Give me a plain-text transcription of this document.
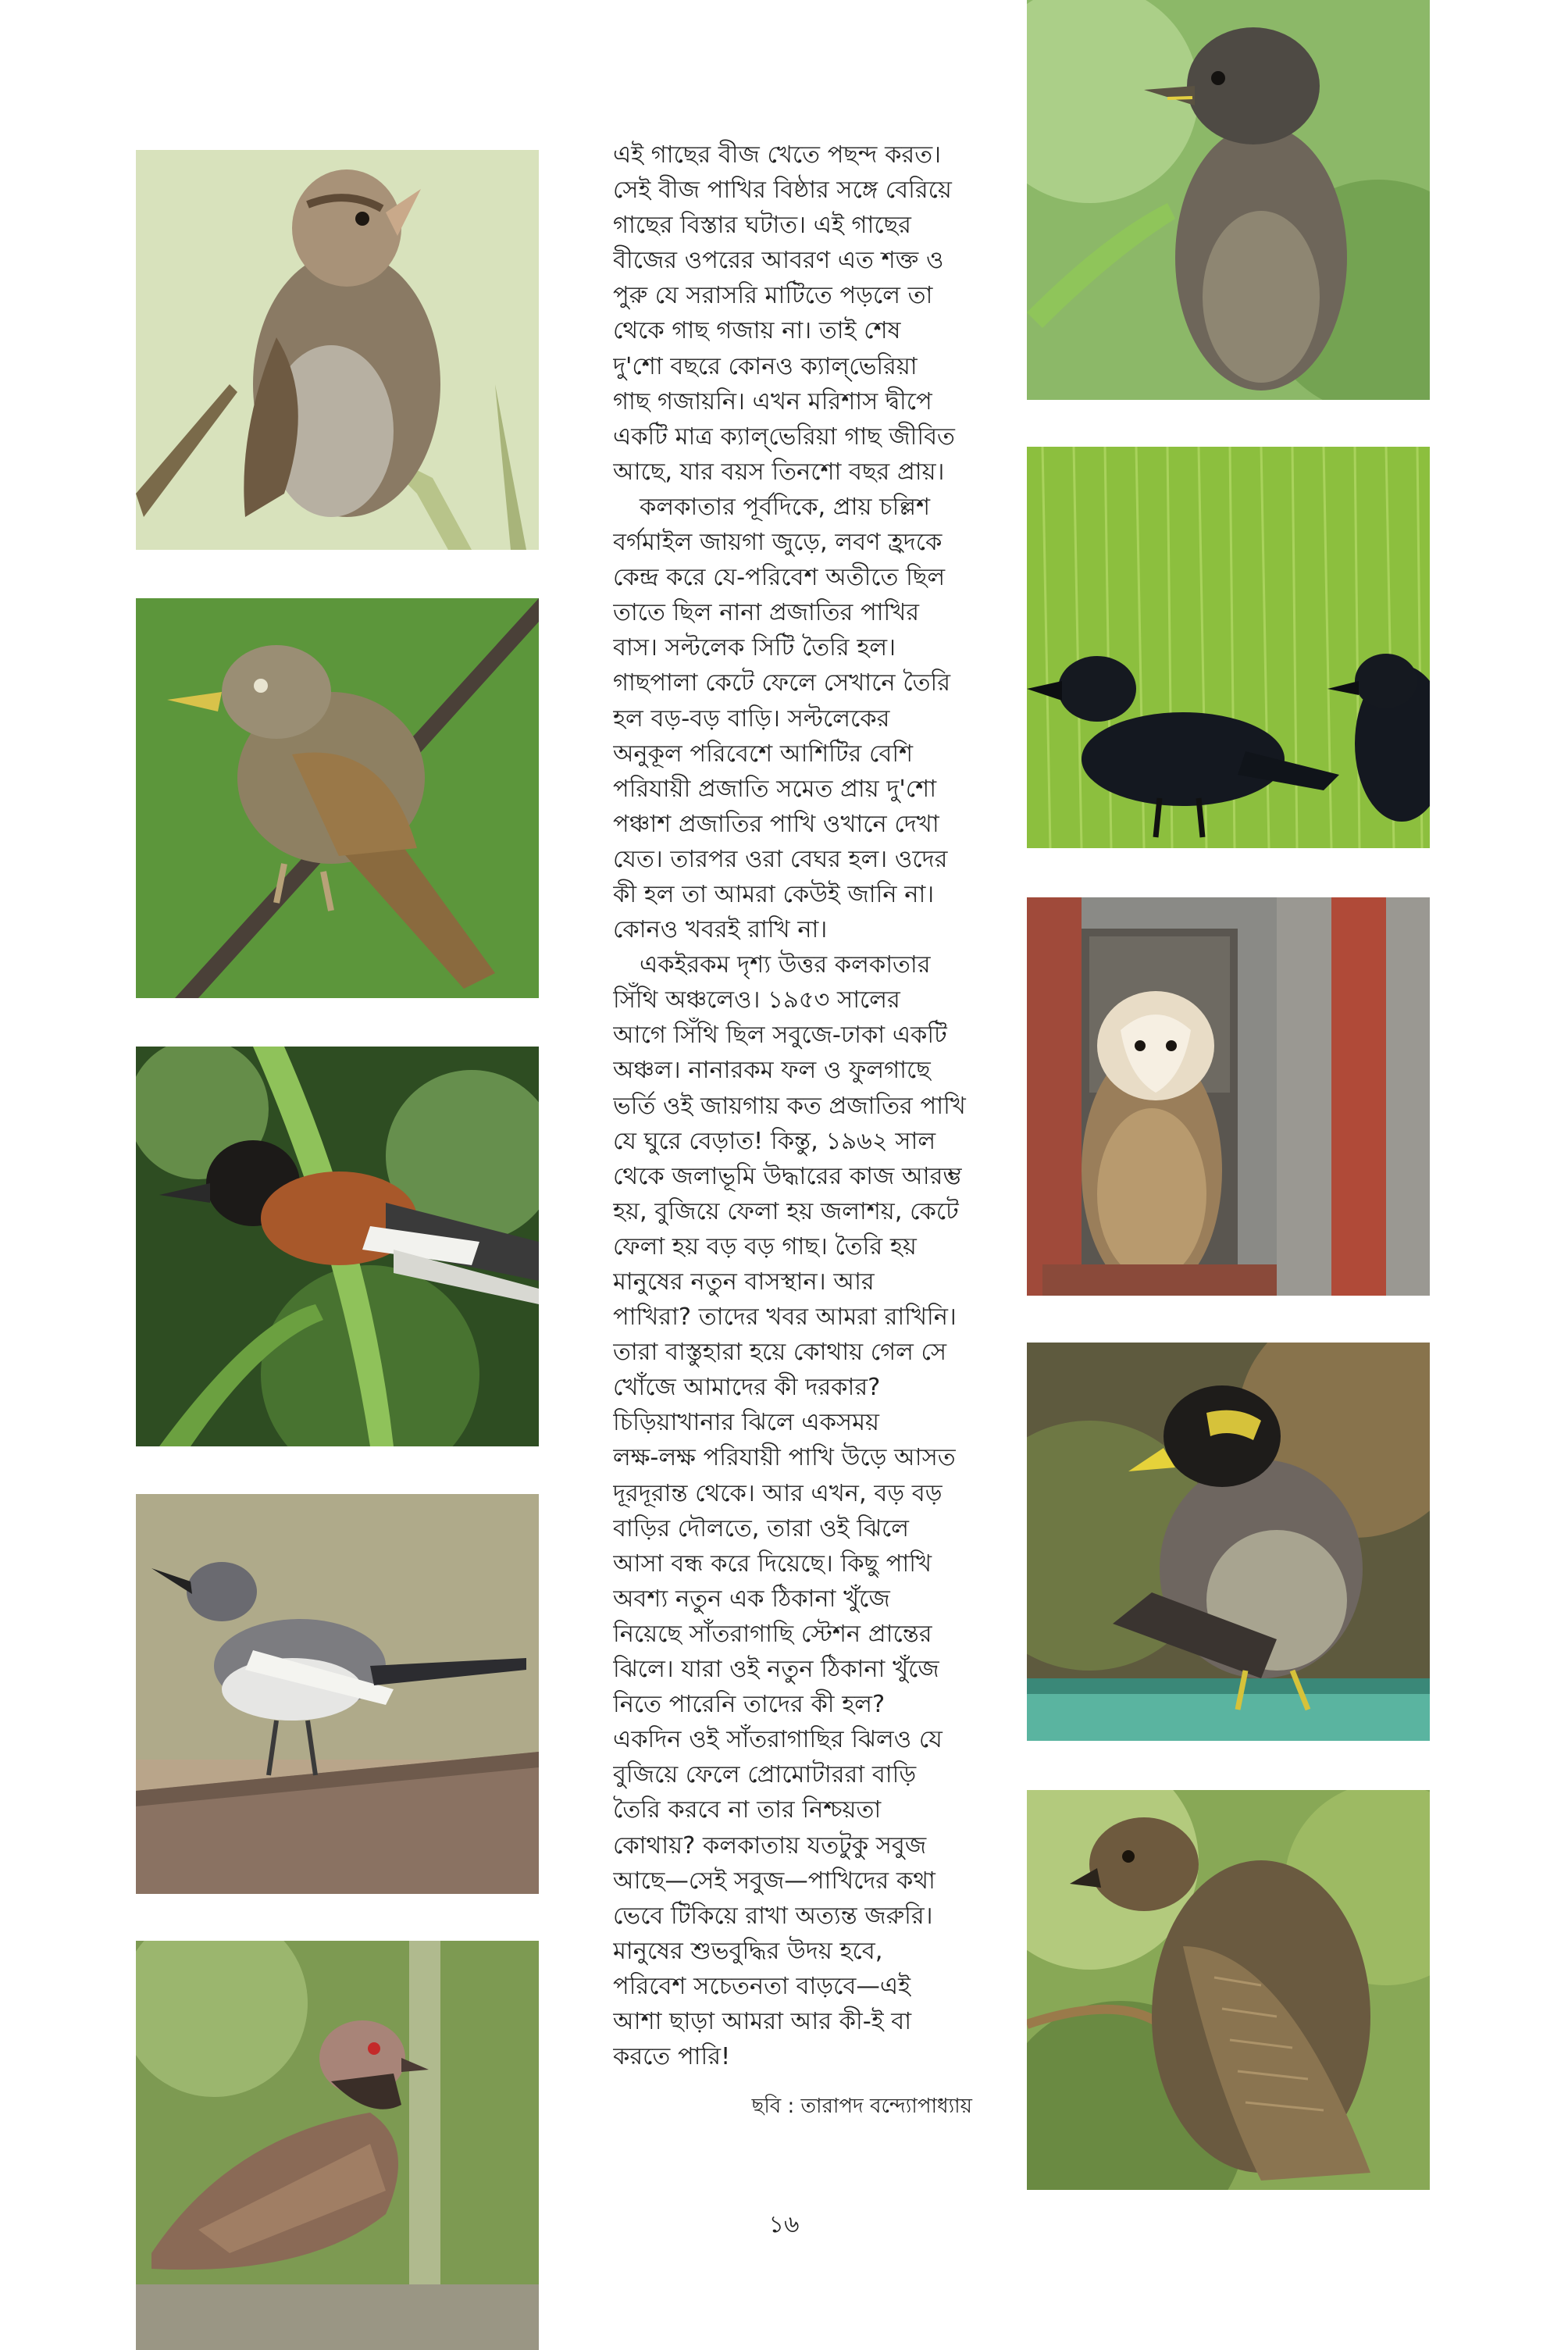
এই গাছের বীজ খেতে পছন্দ করত।
সেই বীজ পাখির বিষ্ঠার সঙ্গে বেরিয়ে
গাছের বিস্তার ঘটাত। এই গাছের
বীজের ওপরের আবরণ এত শক্ত ও
পুরু যে সরাসরি মাটিতে পড়লে তা
থেকে গাছ গজায় না। তাই শেষ
দু'শো বছরে কোনও ক্যাল্‌ভেরিয়া
গাছ গজায়নি। এখন মরিশাস দ্বীপে
একটি মাত্র ক্যাল্‌ভেরিয়া গাছ জীবিত
আছে, যার বয়স তিনশো বছর প্রায়।
কলকাতার পূর্বদিকে, প্রায় চল্লিশ
বর্গমাইল জায়গা জুড়ে, লবণ হ্রদকে
কেন্দ্র করে যে-পরিবেশ অতীতে ছিল
তাতে ছিল নানা প্রজাতির পাখির
বাস। সল্টলেক সিটি তৈরি হল।
গাছপালা কেটে ফেলে সেখানে তৈরি
হল বড়-বড় বাড়ি। সল্টলেকের
অনুকূল পরিবেশে আশিটির বেশি
পরিযায়ী প্রজাতি সমেত প্রায় দু'শো
পঞ্চাশ প্রজাতির পাখি ওখানে দেখা
যেত। তারপর ওরা বেঘর হল। ওদের
কী হল তা আমরা কেউই জানি না।
কোনও খবরই রাখি না।
একইরকম দৃশ্য উত্তর কলকাতার
সিঁথি অঞ্চলেও। ১৯৫৩ সালের
আগে সিঁথি ছিল সবুজে-ঢাকা একটি
অঞ্চল। নানারকম ফল ও ফুলগাছে
ভর্তি ওই জায়গায় কত প্রজাতির পাখি
যে ঘুরে বেড়াত! কিন্তু, ১৯৬২ সাল
থেকে জলাভূমি উদ্ধারের কাজ আরম্ভ
হয়, বুজিয়ে ফেলা হয় জলাশয়, কেটে
ফেলা হয় বড় বড় গাছ। তৈরি হয়
মানুষের নতুন বাসস্থান। আর
পাখিরা? তাদের খবর আমরা রাখিনি।
তারা বাস্তুহারা হয়ে কোথায় গেল সে
খোঁজে আমাদের কী দরকার?
চিড়িয়াখানার ঝিলে একসময়
লক্ষ-লক্ষ পরিযায়ী পাখি উড়ে আসত
দূরদূরান্ত থেকে। আর এখন, বড় বড়
বাড়ির দৌলতে, তারা ওই ঝিলে
আসা বন্ধ করে দিয়েছে। কিছু পাখি
অবশ্য নতুন এক ঠিকানা খুঁজে
নিয়েছে সাঁতরাগাছি স্টেশন প্রান্তের
ঝিলে। যারা ওই নতুন ঠিকানা খুঁজে
নিতে পারেনি তাদের কী হল?
একদিন ওই সাঁতরাগাছির ঝিলও যে
বুজিয়ে ফেলে প্রোমোটাররা বাড়ি
তৈরি করবে না তার নিশ্চয়তা
কোথায়? কলকাতায় যতটুকু সবুজ
আছে—সেই সবুজ—পাখিদের কথা
ভেবে টিকিয়ে রাখা অত্যন্ত জরুরি।
মানুষের শুভবুদ্ধির উদয় হবে,
পরিবেশ সচেতনতা বাড়বে—এই
আশা ছাড়া আমরা আর কী-ই বা
করতে পারি!
ছবি : তারাপদ বন্দ্যোপাধ্যায়
১৬
